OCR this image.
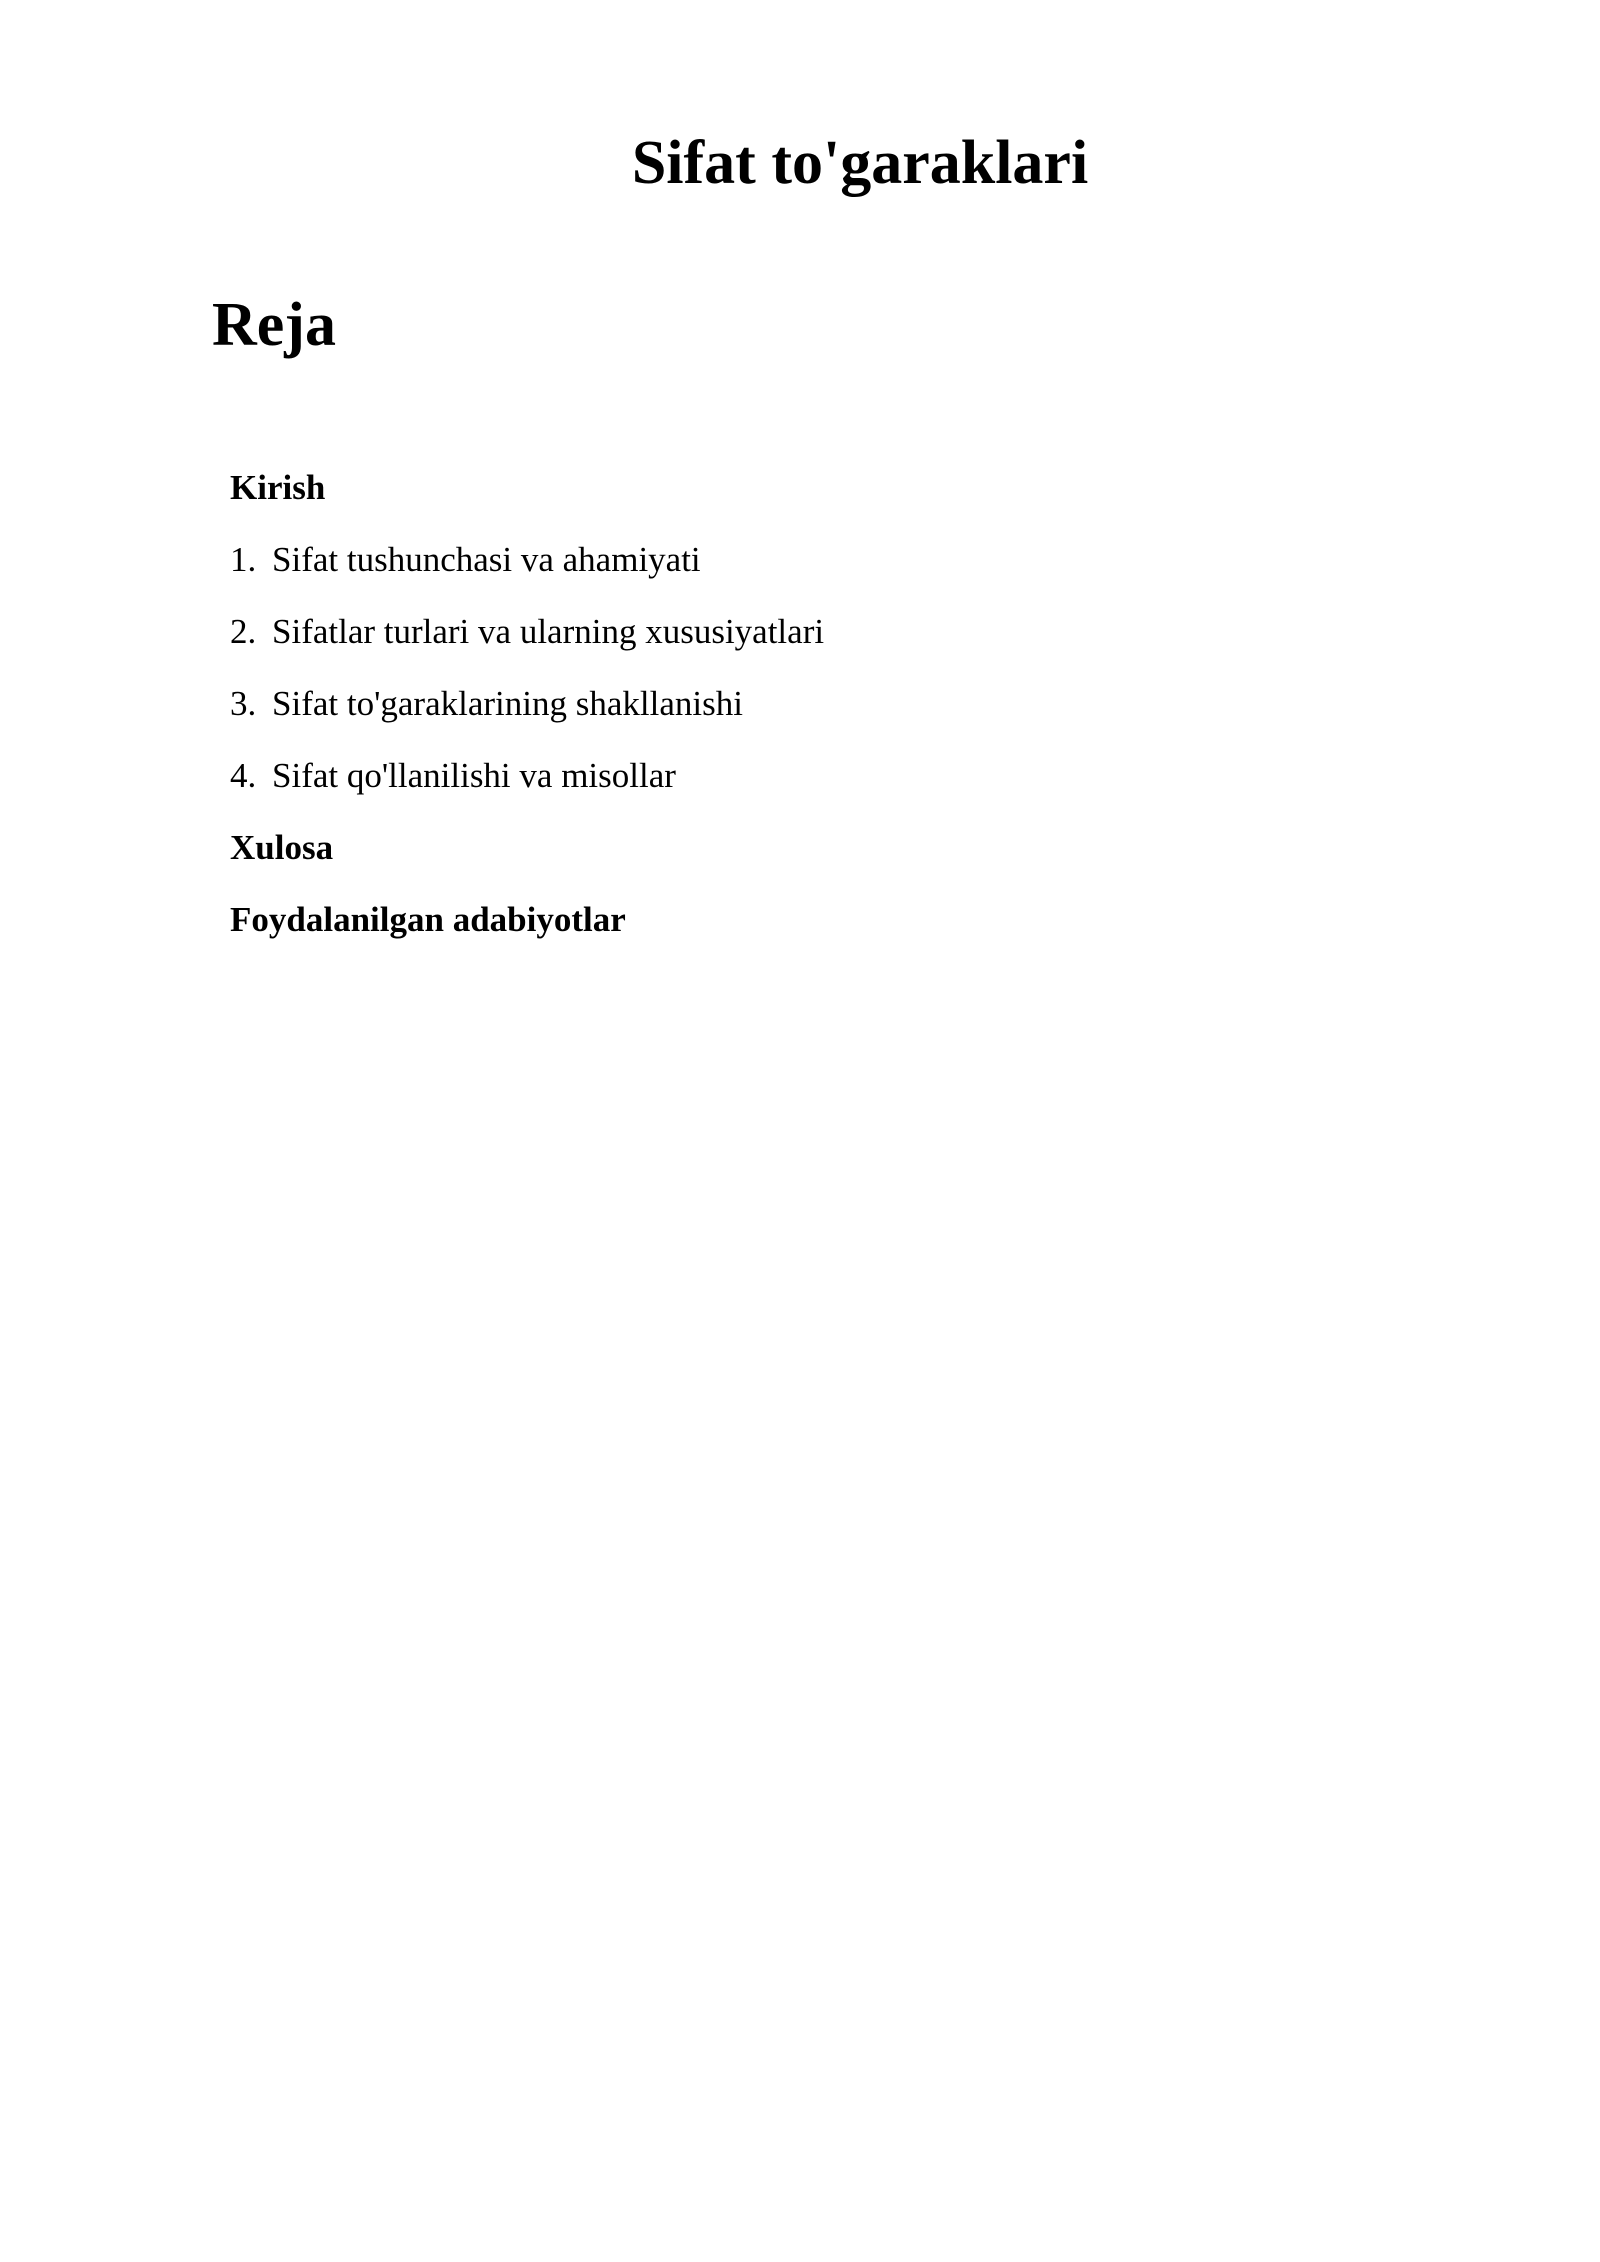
Sifat to'garaklari
Reja
Kirish
1. Sifat tushunchasi va ahamiyati
2. Sifatlar turlari va ularning xususiyatlari
3. Sifat to'garaklarining shakllanishi
4. Sifat qo'llanilishi va misollar
Xulosa
Foydalanilgan adabiyotlar
